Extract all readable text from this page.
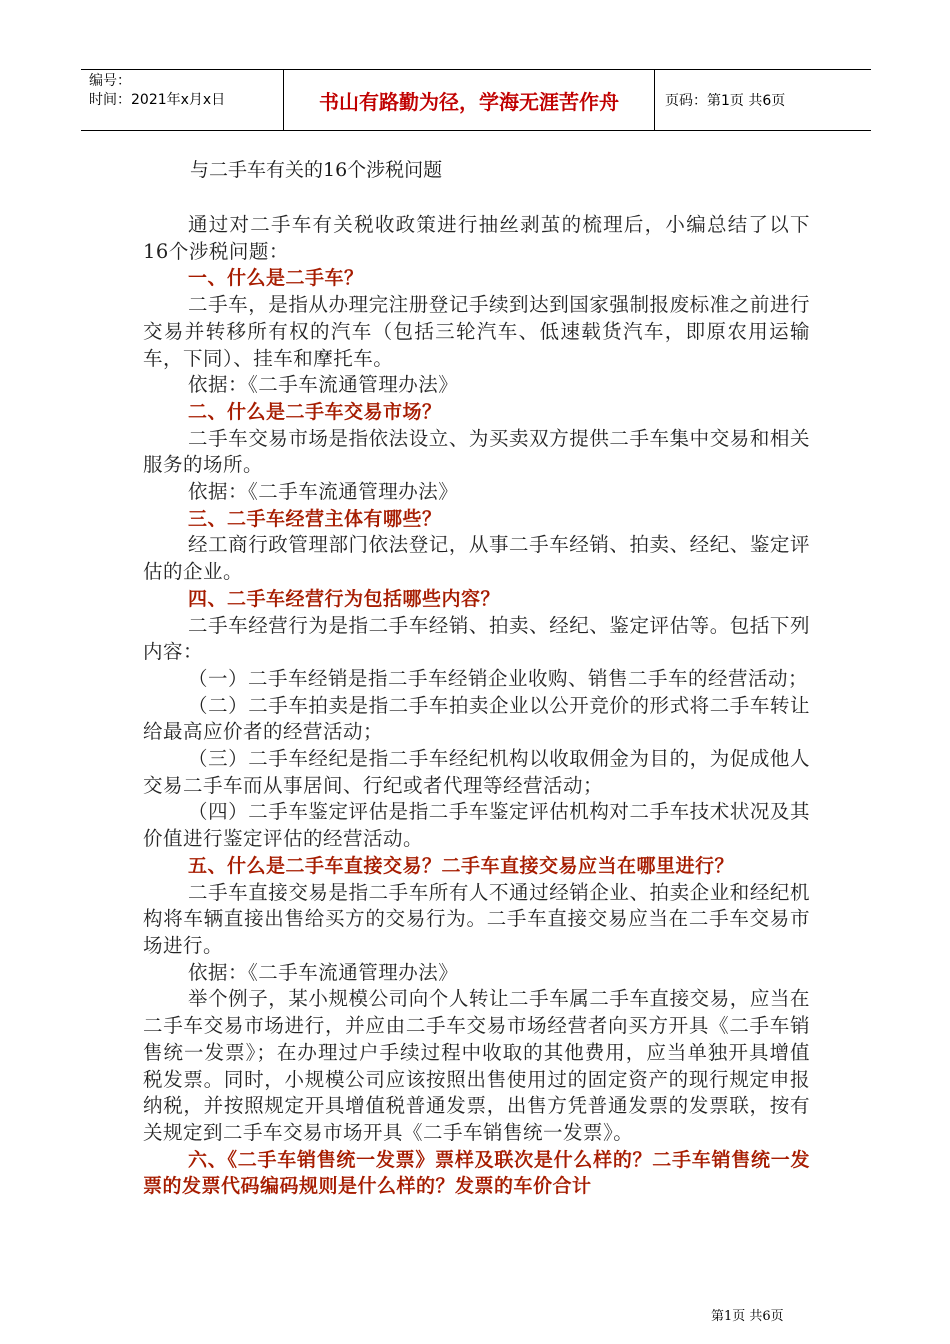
编号：
时间：2021年x月x日	书山有路勤为径，学海无涯苦作舟	页码：第1页 共6页
与二手车有关的16个涉税问题

通过对二手车有关税收政策进行抽丝剥茧的梳理后，小编总结了以下16个涉税问题：

一、什么是二手车？

二手车，是指从办理完注册登记手续到达到国家强制报废标准之前进行交易并转移所有权的汽车（包括三轮汽车、低速载货汽车，即原农用运输车，下同）、挂车和摩托车。

依据：《二手车流通管理办法》

二、什么是二手车交易市场？

二手车交易市场是指依法设立、为买卖双方提供二手车集中交易和相关服务的场所。

依据：《二手车流通管理办法》

三、二手车经营主体有哪些？

经工商行政管理部门依法登记，从事二手车经销、拍卖、经纪、鉴定评估的企业。

四、二手车经营行为包括哪些内容？

二手车经营行为是指二手车经销、拍卖、经纪、鉴定评估等。包括下列内容：

（一）二手车经销是指二手车经销企业收购、销售二手车的经营活动；

（二）二手车拍卖是指二手车拍卖企业以公开竞价的形式将二手车转让给最高应价者的经营活动；

（三）二手车经纪是指二手车经纪机构以收取佣金为目的，为促成他人交易二手车而从事居间、行纪或者代理等经营活动；

（四）二手车鉴定评估是指二手车鉴定评估机构对二手车技术状况及其价值进行鉴定评估的经营活动。

五、什么是二手车直接交易？二手车直接交易应当在哪里进行？

二手车直接交易是指二手车所有人不通过经销企业、拍卖企业和经纪机构将车辆直接出售给买方的交易行为。二手车直接交易应当在二手车交易市场进行。

依据：《二手车流通管理办法》

举个例子，某小规模公司向个人转让二手车属二手车直接交易，应当在二手车交易市场进行，并应由二手车交易市场经营者向买方开具《二手车销售统一发票》；在办理过户手续过程中收取的其他费用，应当单独开具增值税发票。同时，小规模公司应该按照出售使用过的固定资产的现行规定申报纳税，并按照规定开具增值税普通发票，出售方凭普通发票的发票联，按有关规定到二手车交易市场开具《二手车销售统一发票》。

六、《二手车销售统一发票》票样及联次是什么样的？二手车销售统一发票的发票代码编码规则是什么样的？发票的车价合计

第1页 共6页
